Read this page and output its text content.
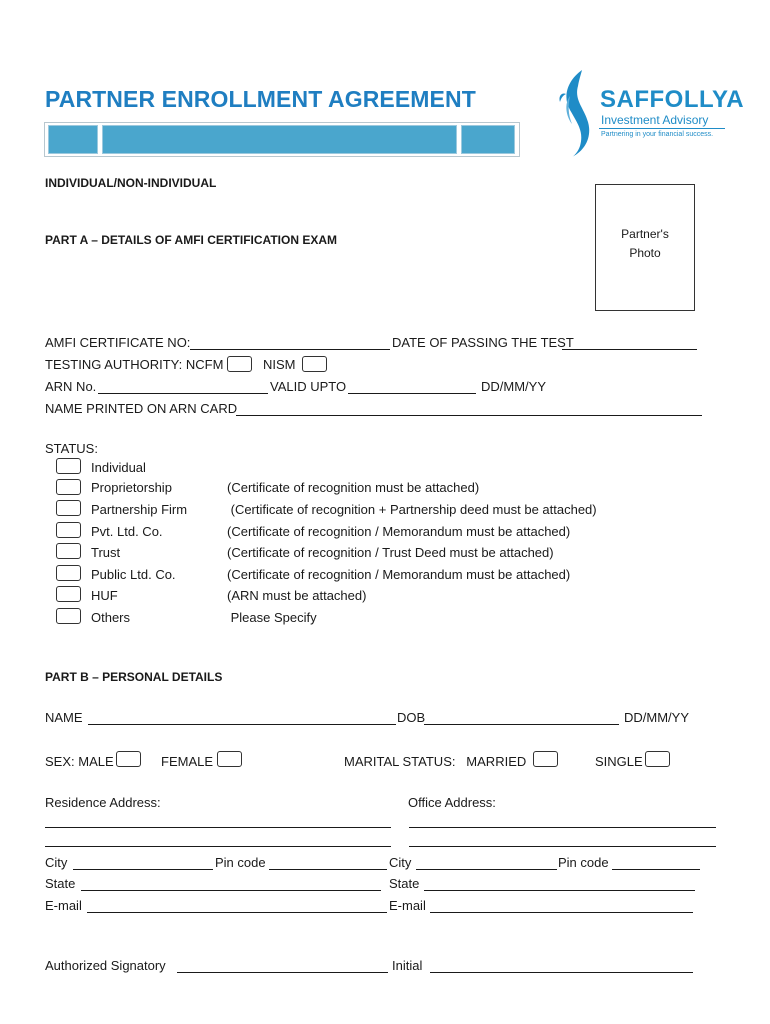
PARTNER ENROLLMENT AGREEMENT	SAFFOLLYA
Investment Advisory
Partnering in your financial success.
INDIVIDUAL/NON-INDIVIDUAL
PART A – DETAILS OF AMFI CERTIFICATION EXAM	Partner's
Photo
AMFI CERTIFICATE NO:	DATE OF PASSING THE TEST
TESTING AUTHORITY: NCFM	NISM
ARN No.	VALID UPTO	DD/MM/YY
NAME PRINTED ON ARN CARD
STATUS:
Individual
Proprietorship	(Certificate of recognition must be attached)
Partnership Firm	(Certificate of recognition + Partnership deed must be attached)
Pvt. Ltd. Co.	(Certificate of recognition / Memorandum must be attached)
Trust	(Certificate of recognition / Trust Deed must be attached)
Public Ltd. Co.	(Certificate of recognition / Memorandum must be attached)
HUF	(ARN must be attached)
Others	Please Specify
PART B – PERSONAL DETAILS
NAME	DOB	DD/MM/YY
SEX: MALE	FEMALE	MARITAL STATUS:   MARRIED	SINGLE
Residence Address:	Office Address:
City	Pin code	City	Pin code
State	State
E-mail	E-mail
Authorized Signatory	Initial
